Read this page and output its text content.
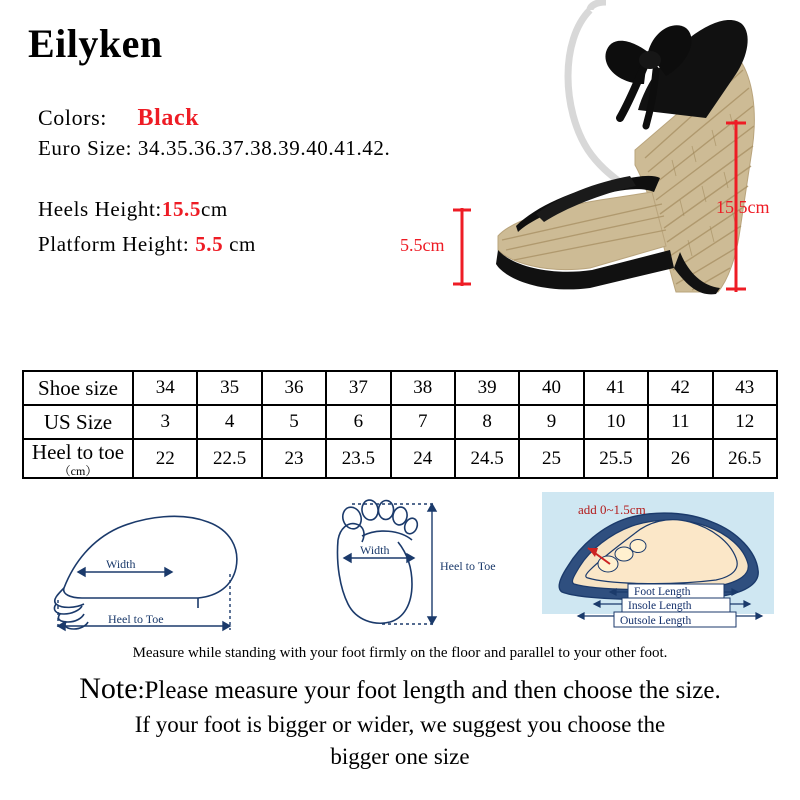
Eilyken
Colors: Black
Euro Size: 34.35.36.37.38.39.40.41.42.
Heels Height:15.5cm
Platform Height: 5.5 cm
15.5cm
5.5cm
Shoe size	34	35	36	37	38	39	40	41	42	43
US Size	3	4	5	6	7	8	9	10	11	12
Heel to toe
（cm）	22	22.5	23	23.5	24	24.5	25	25.5	26	26.5
Width
Heel to Toe
Width
Heel to Toe
add 0~1.5cm
Foot Length
Insole Length
Outsole Length
Measure while standing with your foot firmly on the floor and parallel to your other foot.
Note:Please measure your foot length and then choose the size.
If your foot is bigger or wider, we suggest you choose the
bigger one size
